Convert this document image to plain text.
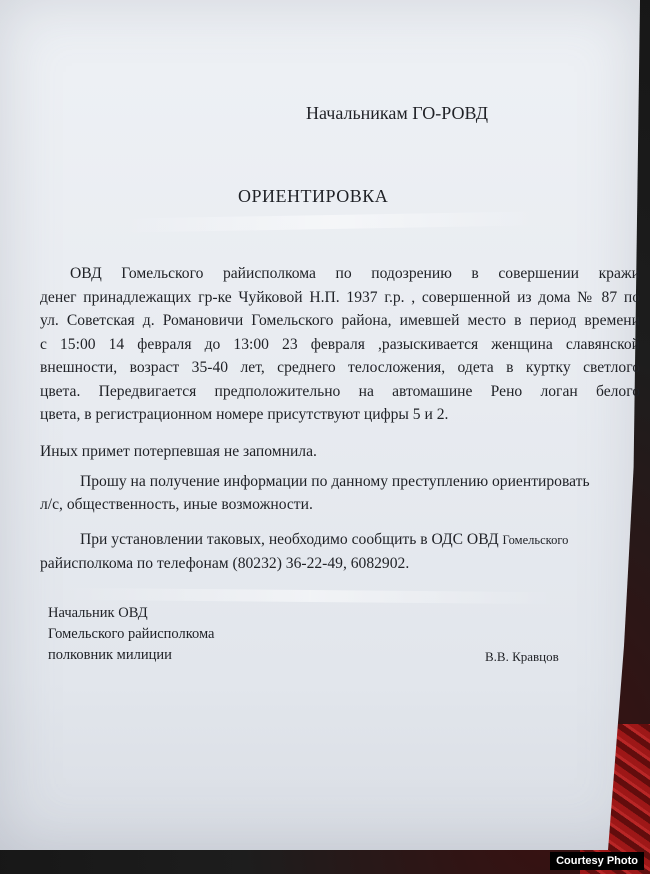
Начальникам ГО-РОВД
ОРИЕНТИРОВКА
ОВД Гомельского райисполкома по подозрению в совершении кражи
денег принадлежащих гр-ке Чуйковой Н.П. 1937 г.р. , совершенной из дома № 87 по
ул. Советская д. Романовичи Гомельского района, имевшей место в период времени
с 15:00 14 февраля до 13:00 23 февраля ,разыскивается женщина славянской
внешности, возраст 35-40 лет, среднего телосложения, одета в куртку светлого
цвета. Передвигается предположительно на автомашине Рено логан белого
цвета, в регистрационном номере присутствуют цифры 5 и 2.
Иных примет потерпевшая не запомнила.
Прошу на получение информации по данному преступлению ориентировать
л/с, общественность, иные возможности.
При установлении таковых, необходимо сообщить в ОДС ОВД Гомельского
райисполкома по телефонам (80232) 36-22-49, 6082902.
Начальник ОВД
Гомельского райисполкома
полковник милиции	В.В. Кравцов
Courtesy Photo
